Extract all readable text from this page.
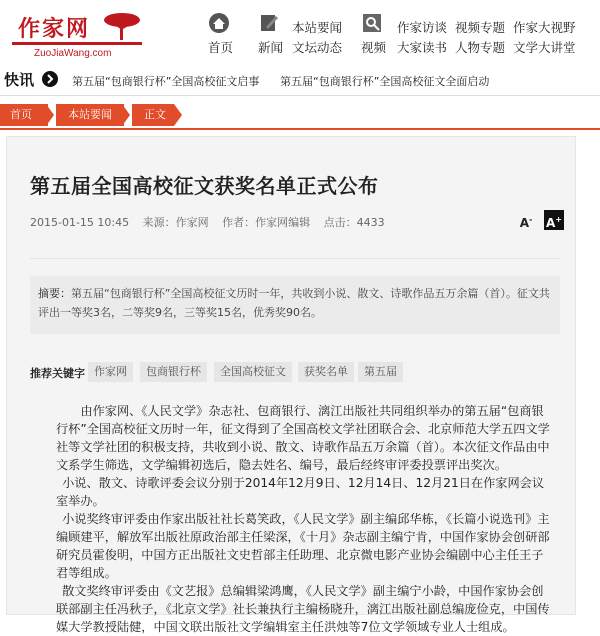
作家网
ZuoJiaWang.com	首页 新闻
本站要闻
文坛动态 视频
作家访谈 视频专题 作家大视野
大家读书 人物专题 文学大讲堂
快讯	第五届“包商银行杯”全国高校征文启事 第五届“包商银行杯”全国高校征文全面启动
首页	本站要闻	正文
第五届全国高校征文获奖名单正式公布
2015-01-15 10:45 来源：作家网 作者：作家网编辑 点击：4433	A-	A+
摘要：第五届“包商银行杯”全国高校征文历时一年，共收到小说、散文、诗歌作品五万余篇（首）。征文共评出一等奖3名，二等奖9名，三等奖15名，优秀奖90名。
推荐关键字 作家网	包商银行杯	全国高校征文	获奖名单	第五届

由作家网、《人民文学》杂志社、包商银行、漓江出版社共同组织举办的第五届“包商银行杯”全国高校征文历时一年，征文得到了全国高校文学社团联合会、北京师范大学五四文学社等文学社团的积极支持，共收到小说、散文、诗歌作品五万余篇（首）。本次征文作品由中文系学生筛选，文学编辑初选后，隐去姓名、编号，最后经终审评委投票评出奖次。

小说、散文、诗歌评委会议分别于2014年12月9日、12月14日、12月21日在作家网会议室举办。

小说奖终审评委由作家出版社社长葛笑政，《人民文学》副主编邱华栋，《长篇小说选刊》主编顾建平，解放军出版社原政治部主任梁深，《十月》杂志副主编宁肯，中国作家协会创研部研究员霍俊明，中国方正出版社文史哲部主任助理、北京微电影产业协会编剧中心主任王子君等组成。

散文奖终审评委由《文艺报》总编辑梁鸿鹰，《人民文学》副主编宁小龄，中国作家协会创联部副主任冯秋子，《北京文学》社长兼执行主编杨晓升，漓江出版社副总编庞俭克，中国传媒大学教授陆健，中国文联出版社文学编辑室主任洪烛等7位文学领域专业人士组成。
